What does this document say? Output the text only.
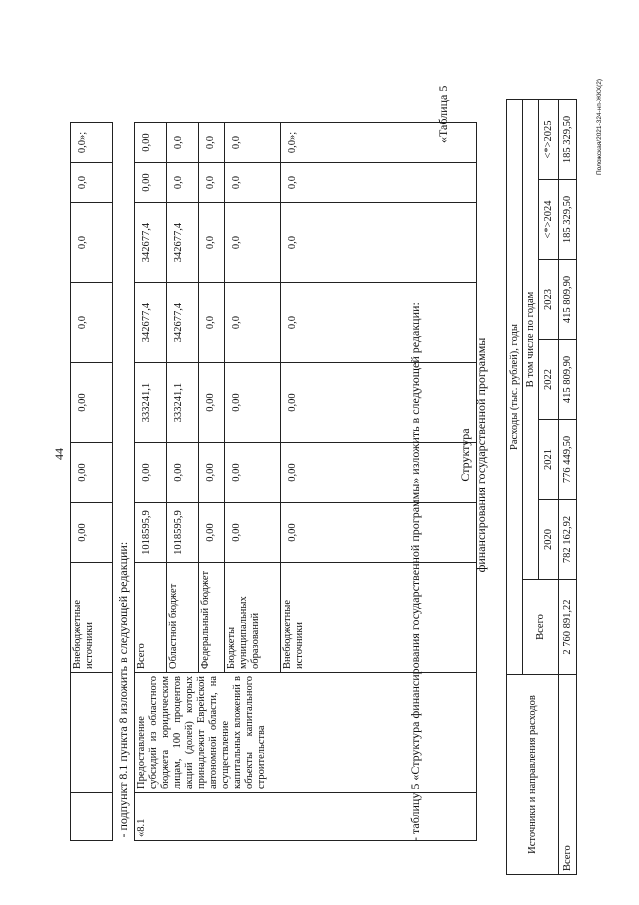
44
		Внебюджетные источники	0,00	0,00	0,00	0,0	0,0	0,0	0,0»;
- подпункт 8.1 пункта 8 изложить в следующей редакции:									
«8.1	Предоставление субсидий из областного бюджета юридическим лицам, 100 процентов акций (долей) которых принадлежит Еврейской автономной области, на осуществление капитальных вложений в объекты капитального строительства	Всего	1018595,9	0,00	333241,1	342677,4	342677,4	0,00	0,00
		Областной бюджет	1018595,9	0,00	333241,1	342677,4	342677,4	0,0	0,0
		Федеральный бюджет	0,00	0,00	0,00	0,0	0,0	0,0	0,0
		Бюджеты муниципальных образований	0,00	0,00	0,00	0,0	0,0	0,0	0,0
		Внебюджетные источники	0,00	0,00	0,00	0,0	0,0	0,0	0,0»;
- таблицу 5 «Структура финансирования государственной программы» изложить в следующей редакции:
«Таблица 5
Структура финансирования государственной программы
Источники и направления расходов	Расходы (тыс. рублей), годы						
	Всего	В том числе по годам					
		2020	2021	2022	2023	<*>2024	<*>2025

Всего	2 760 891,22	782 162,92	776 449,50	415 809,90	415 809,90	185 329,50	185 329,50	Положская/2021-324-нп-ЖКХ(2)
